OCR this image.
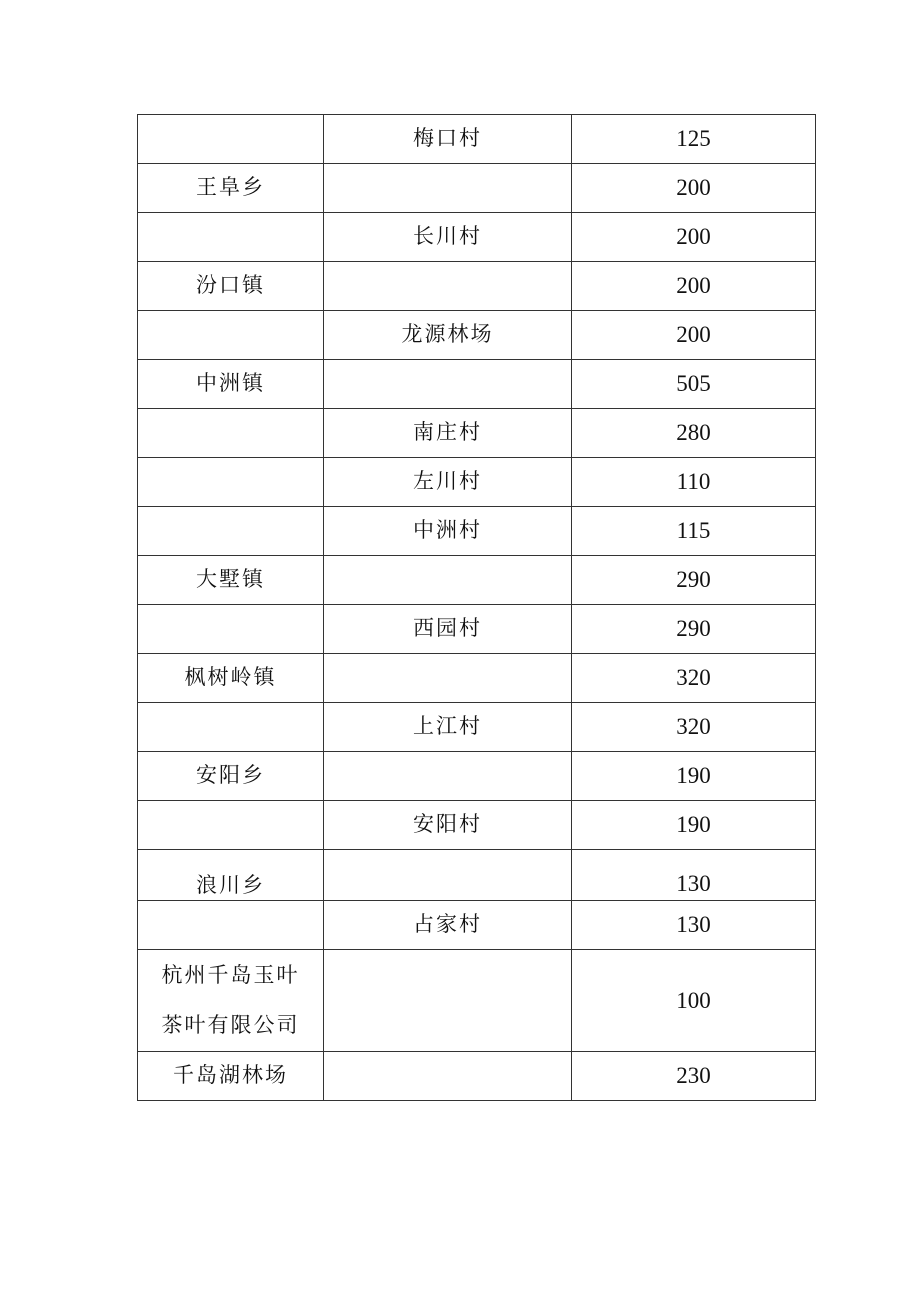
	梅口村	125
王阜乡		200
	长川村	200
汾口镇		200
	龙源林场	200
中洲镇		505
	南庄村	280
	左川村	110
	中洲村	115
大墅镇		290
	西园村	290
枫树岭镇		320
	上江村	320
安阳乡		190
	安阳村	190
浪川乡		130
	占家村	130
杭州千岛玉叶
茶叶有限公司		100
千岛湖林场		230
